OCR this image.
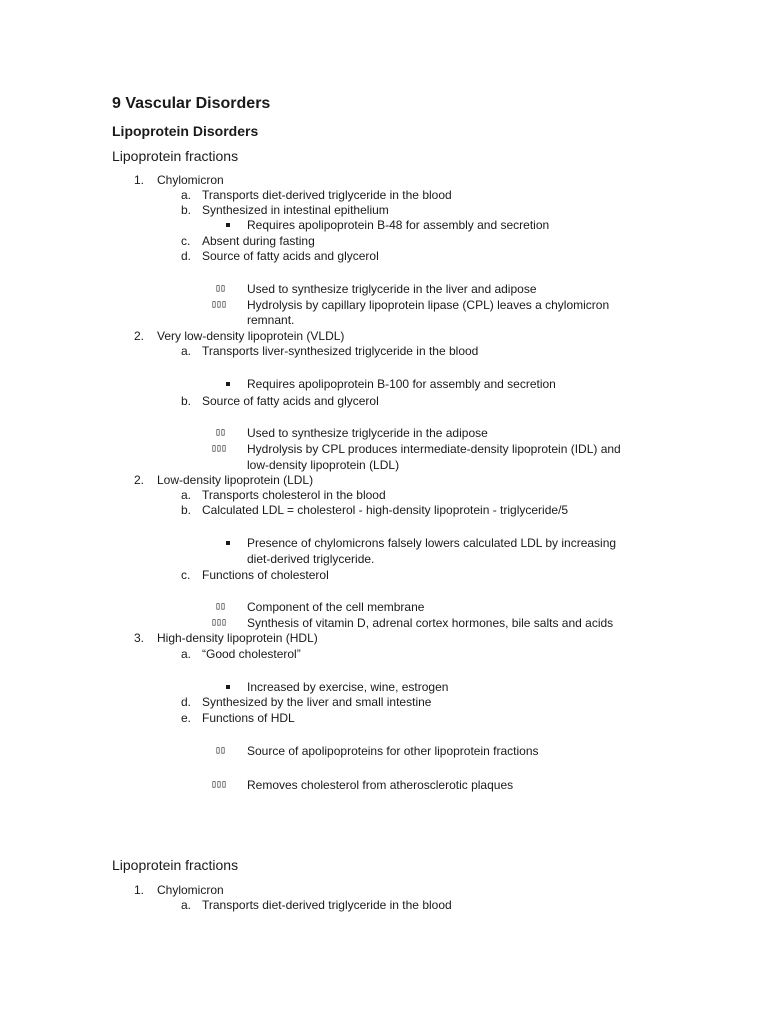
9 Vascular Disorders
Lipoprotein Disorders
Lipoprotein fractions
1. Chylomicron
a. Transports diet-derived triglyceride in the blood
b. Synthesized in intestinal epithelium
Requires apolipoprotein B-48 for assembly and secretion
c. Absent during fasting
d. Source of fatty acids and glycerol
▯▯ Used to synthesize triglyceride in the liver and adipose
▯▯▯ Hydrolysis by capillary lipoprotein lipase (CPL) leaves a chylomicron
remnant.
2. Very low-density lipoprotein (VLDL)
a. Transports liver-synthesized triglyceride in the blood
Requires apolipoprotein B-100 for assembly and secretion
b. Source of fatty acids and glycerol
▯▯ Used to synthesize triglyceride in the adipose
▯▯▯ Hydrolysis by CPL produces intermediate-density lipoprotein (IDL) and
low-density lipoprotein (LDL)
2. Low-density lipoprotein (LDL)
a. Transports cholesterol in the blood
b. Calculated LDL = cholesterol - high-density lipoprotein - triglyceride/5
Presence of chylomicrons falsely lowers calculated LDL by increasing
diet-derived triglyceride.
c. Functions of cholesterol
▯▯ Component of the cell membrane
▯▯▯ Synthesis of vitamin D, adrenal cortex hormones, bile salts and acids
3. High-density lipoprotein (HDL)
a. “Good cholesterol”
Increased by exercise, wine, estrogen
d. Synthesized by the liver and small intestine
e. Functions of HDL
▯▯ Source of apolipoproteins for other lipoprotein fractions
▯▯▯ Removes cholesterol from atherosclerotic plaques
Lipoprotein fractions
1. Chylomicron
a. Transports diet-derived triglyceride in the blood
